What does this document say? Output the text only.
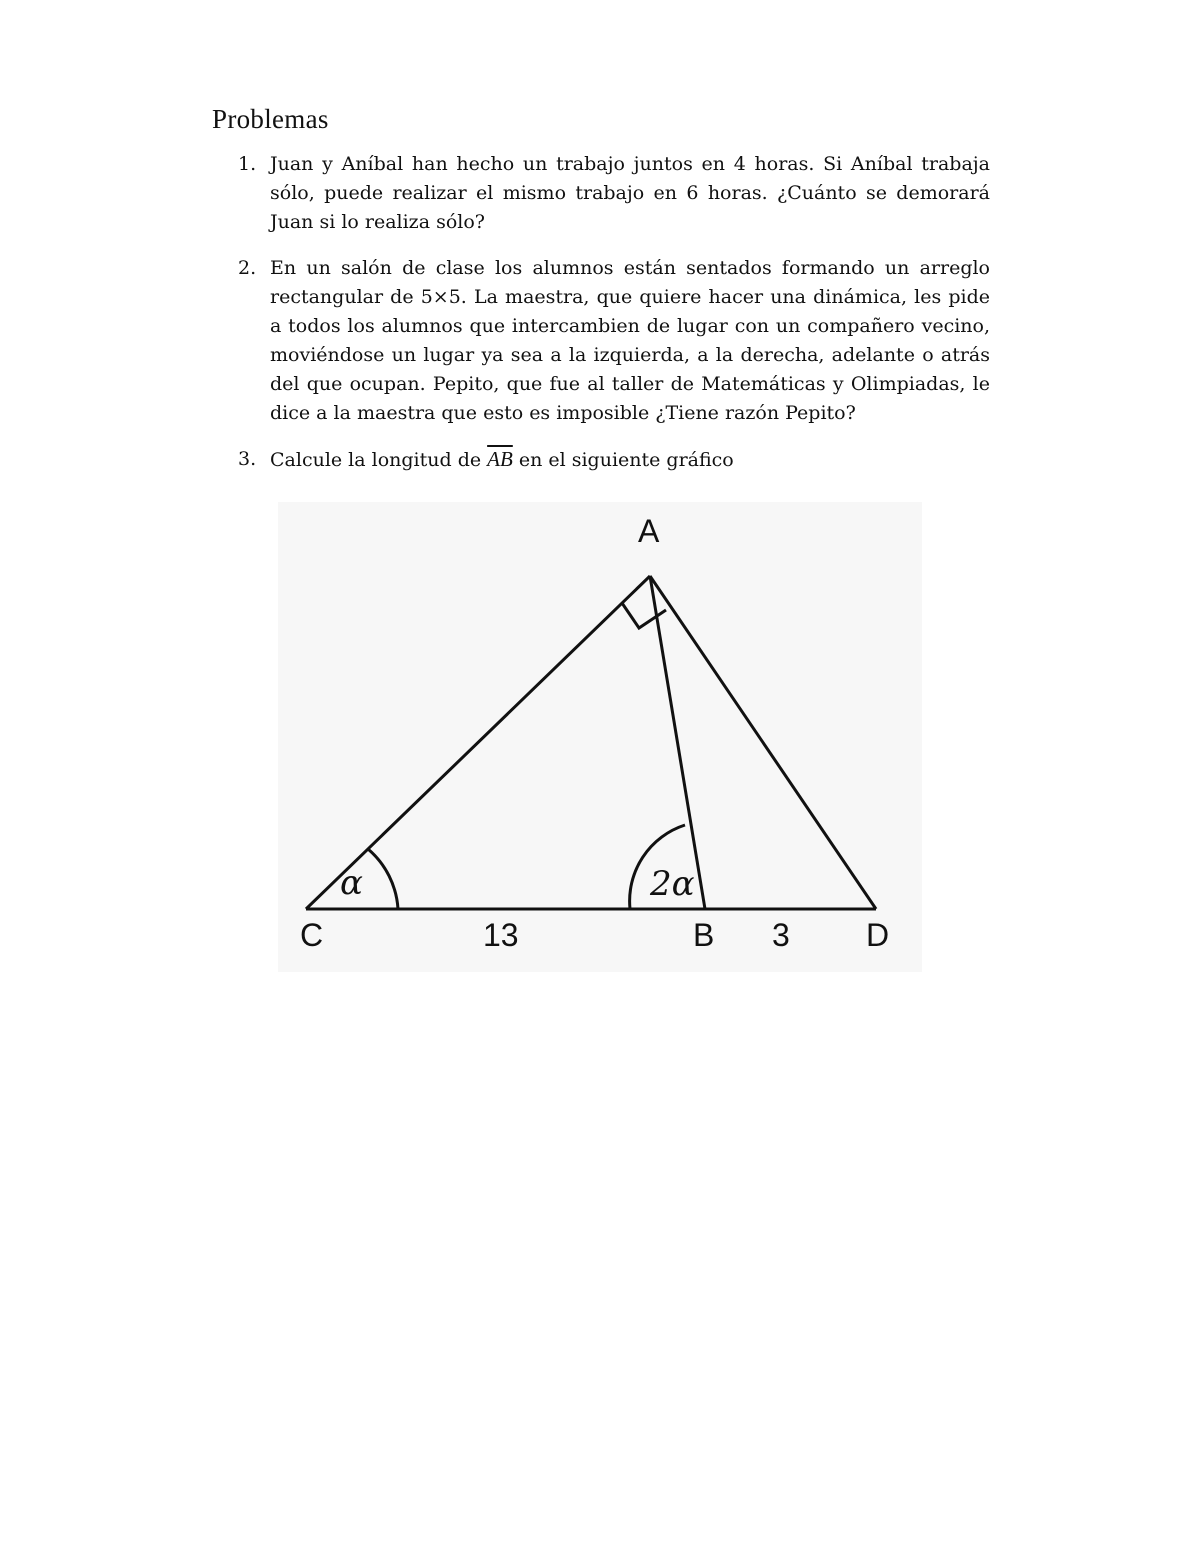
Problemas
1. Juan y Aníbal han hecho un trabajo juntos en 4 horas. Si Aníbal trabaja sólo, puede realizar el mismo trabajo en 6 horas. ¿Cuánto se demorará Juan si lo realiza sólo?
2. En un salón de clase los alumnos están sentados formando un arreglo rectangular de 5×5. La maestra, que quiere hacer una dinámica, les pide a todos los alumnos que intercambien de lugar con un compañero vecino, moviéndose un lugar ya sea a la izquierda, a la derecha, adelante o atrás del que ocupan. Pepito, que fue al taller de Matemáticas y Olimpiadas, le dice a la maestra que esto es imposible ¿Tiene razón Pepito?
3. Calcule la longitud de $\overline{AB}$ en el siguiente gráfico
α	2α
A
C	B	D
13	3
